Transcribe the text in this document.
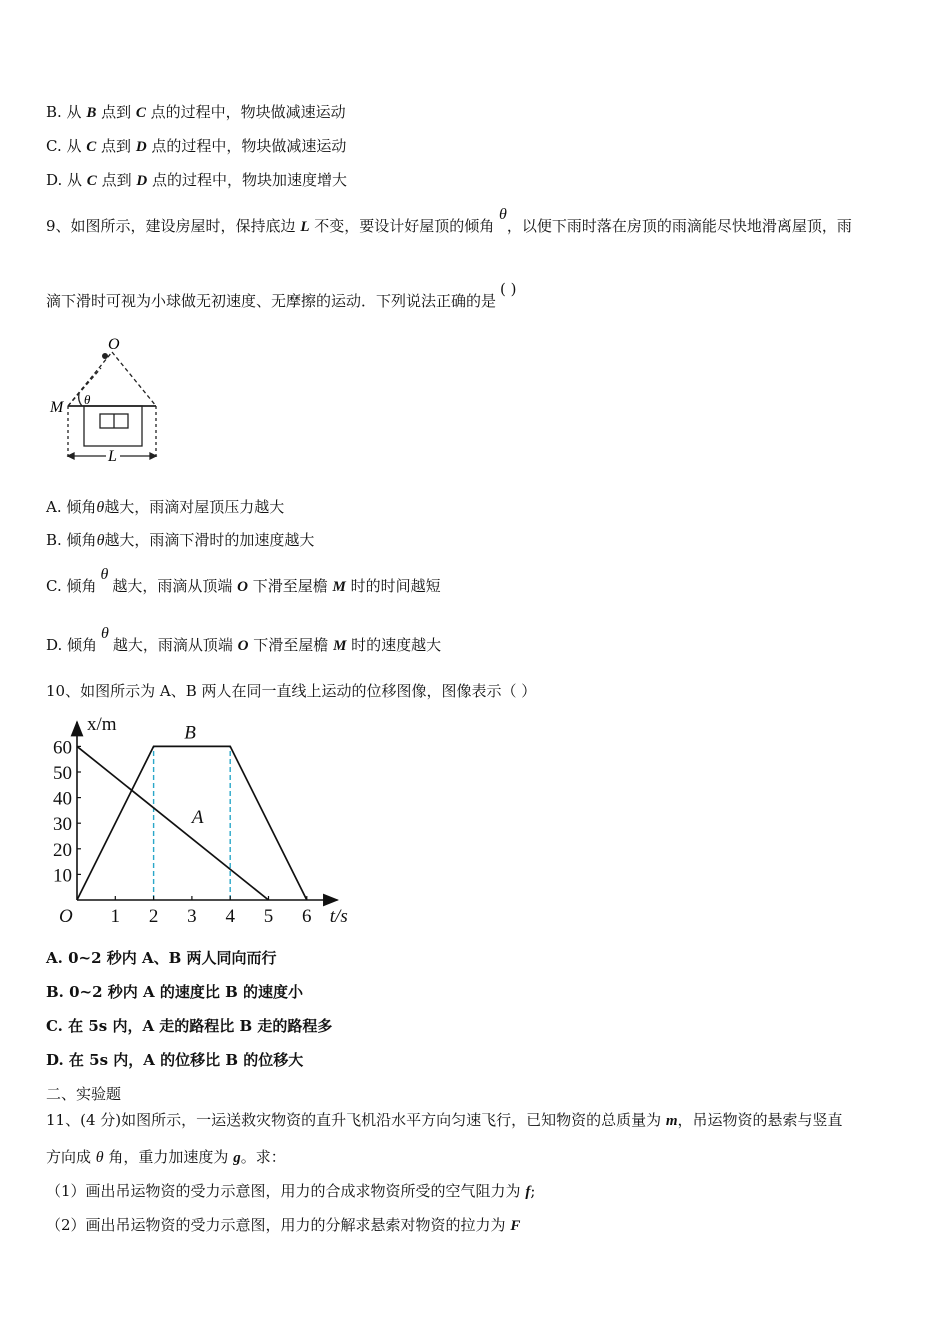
B. 从 B 点到 C 点的过程中，物块做减速运动
C. 从 C 点到 D 点的过程中，物块做减速运动
D. 从 C 点到 D 点的过程中，物块加速度增大
9、如图所示，建设房屋时，保持底边 L 不变，要设计好屋顶的倾角 θ，以便下雨时落在房顶的雨滴能尽快地滑离屋顶，雨
滴下滑时可视为小球做无初速度、无摩擦的运动．下列说法正确的是( )
O
M θ
L
A. 倾角θ越大，雨滴对屋顶压力越大
B. 倾角θ越大，雨滴下滑时的加速度越大
C. 倾角θ越大，雨滴从顶端 O 下滑至屋檐 M 时的时间越短
D. 倾角θ越大，雨滴从顶端 O 下滑至屋檐 M 时的速度越大
10、如图所示为 A、B 两人在同一直线上运动的位移图像，图像表示（ ）
1 2 3 4 5 6
10
20
30
40
50
60
A
B
x/m
t/s
O
A. 0~2 秒内 A、B 两人同向而行
B. 0~2 秒内 A 的速度比 B 的速度小
C. 在 5s 内，A 走的路程比 B 走的路程多
D. 在 5s 内，A 的位移比 B 的位移大
二、实验题
11、(4 分)如图所示，一运送救灾物资的直升飞机沿水平方向匀速飞行，已知物资的总质量为 m，吊运物资的悬索与竖直
方向成 θ 角，重力加速度为 g。求：
（1）画出吊运物资的受力示意图，用力的合成求物资所受的空气阻力为 f;
（2）画出吊运物资的受力示意图，用力的分解求悬索对物资的拉力为 F
